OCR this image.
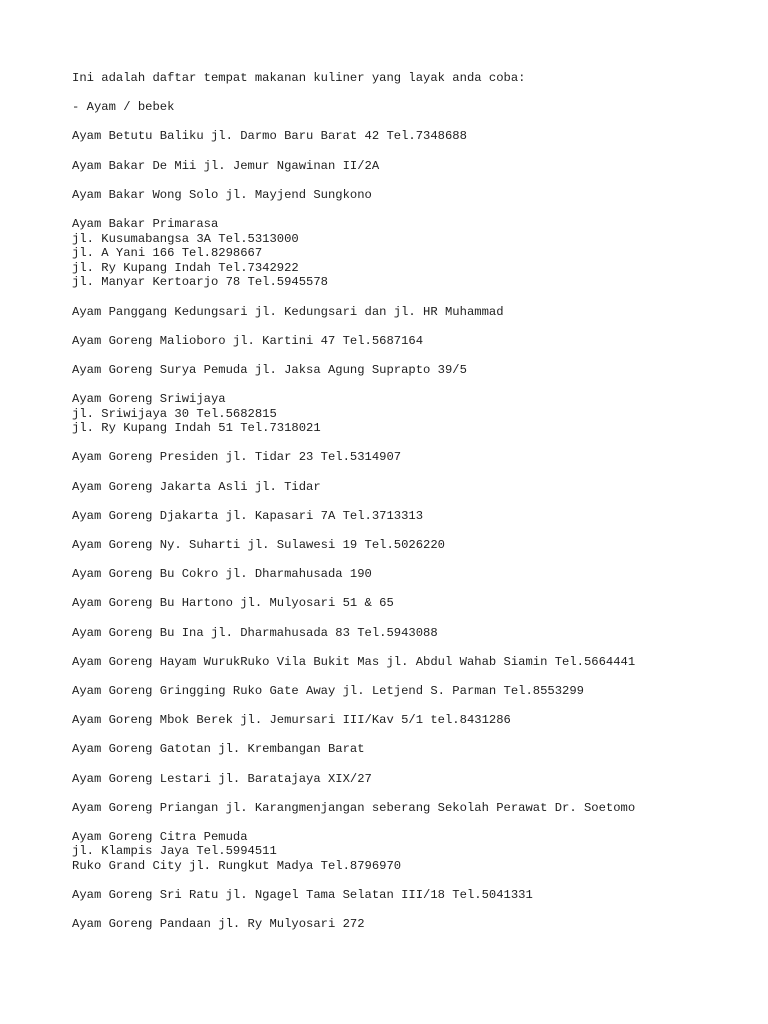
Ini adalah daftar tempat makanan kuliner yang layak anda coba:
- Ayam / bebek
Ayam Betutu Baliku jl. Darmo Baru Barat 42 Tel.7348688
Ayam Bakar De Mii jl. Jemur Ngawinan II/2A
Ayam Bakar Wong Solo jl. Mayjend Sungkono
Ayam Bakar Primarasa
jl. Kusumabangsa 3A Tel.5313000
jl. A Yani 166 Tel.8298667
jl. Ry Kupang Indah Tel.7342922
jl. Manyar Kertoarjo 78 Tel.5945578
Ayam Panggang Kedungsari jl. Kedungsari dan jl. HR Muhammad
Ayam Goreng Malioboro jl. Kartini 47 Tel.5687164
Ayam Goreng Surya Pemuda jl. Jaksa Agung Suprapto 39/5
Ayam Goreng Sriwijaya
jl. Sriwijaya 30 Tel.5682815
jl. Ry Kupang Indah 51 Tel.7318021
Ayam Goreng Presiden jl. Tidar 23 Tel.5314907
Ayam Goreng Jakarta Asli jl. Tidar
Ayam Goreng Djakarta jl. Kapasari 7A Tel.3713313
Ayam Goreng Ny. Suharti jl. Sulawesi 19 Tel.5026220
Ayam Goreng Bu Cokro jl. Dharmahusada 190
Ayam Goreng Bu Hartono jl. Mulyosari 51 & 65
Ayam Goreng Bu Ina jl. Dharmahusada 83 Tel.5943088
Ayam Goreng Hayam WurukRuko Vila Bukit Mas jl. Abdul Wahab Siamin Tel.5664441
Ayam Goreng Gringging Ruko Gate Away jl. Letjend S. Parman Tel.8553299
Ayam Goreng Mbok Berek jl. Jemursari III/Kav 5/1 tel.8431286
Ayam Goreng Gatotan jl. Krembangan Barat
Ayam Goreng Lestari jl. Baratajaya XIX/27
Ayam Goreng Priangan jl. Karangmenjangan seberang Sekolah Perawat Dr. Soetomo
Ayam Goreng Citra Pemuda
jl. Klampis Jaya Tel.5994511
Ruko Grand City jl. Rungkut Madya Tel.8796970
Ayam Goreng Sri Ratu jl. Ngagel Tama Selatan III/18 Tel.5041331
Ayam Goreng Pandaan jl. Ry Mulyosari 272
